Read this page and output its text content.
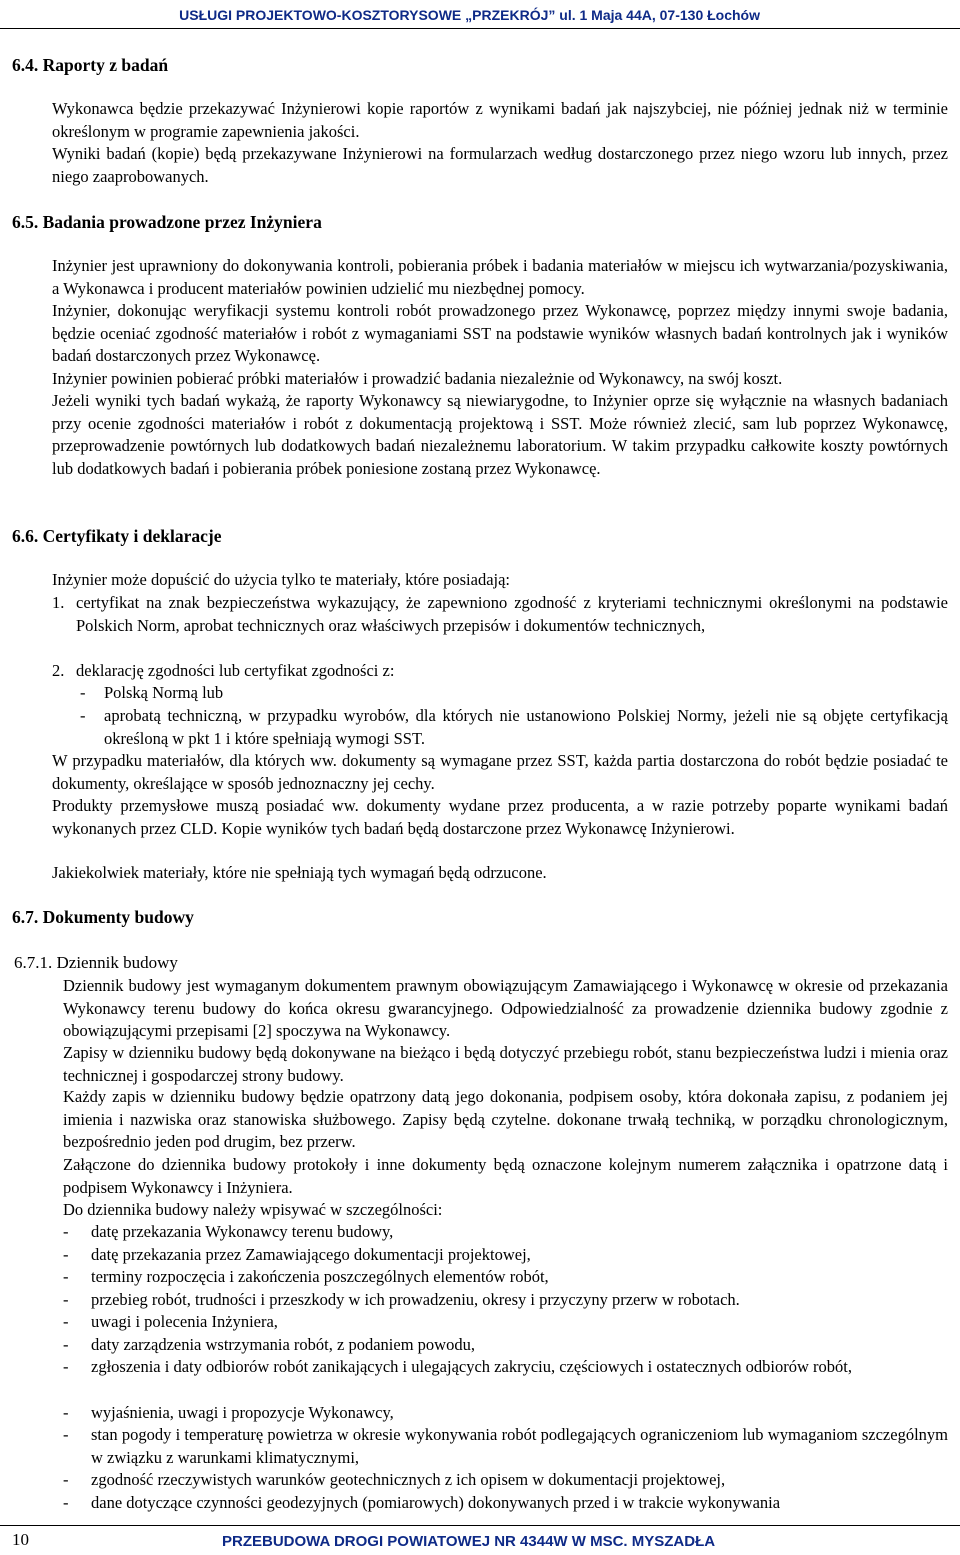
USŁUGI PROJEKTOWO-KOSZTORYSOWE „PRZEKRÓJ” ul. 1 Maja 44A, 07-130 Łochów
6.4. Raporty z badań
Wykonawca będzie przekazywać Inżynierowi kopie raportów z wynikami badań jak najszybciej, nie później jednak niż w terminie określonym w programie zapewnienia jakości.
Wyniki badań (kopie) będą przekazywane Inżynierowi na formularzach według dostarczonego przez niego wzoru lub innych, przez niego zaaprobowanych.
6.5. Badania prowadzone przez Inżyniera
Inżynier jest uprawniony do dokonywania kontroli, pobierania próbek i badania materiałów w miejscu ich wytwarzania/pozyskiwania, a Wykonawca i producent materiałów powinien udzielić mu niezbędnej pomocy.
Inżynier, dokonując weryfikacji systemu kontroli robót prowadzonego przez Wykonawcę, poprzez między innymi swoje badania, będzie oceniać zgodność materiałów i robót z wymaganiami SST na podstawie wyników własnych badań kontrolnych jak i wyników badań dostarczonych przez Wykonawcę.
Inżynier powinien pobierać próbki materiałów i prowadzić badania niezależnie od Wykonawcy, na swój koszt.
Jeżeli wyniki tych badań wykażą, że raporty Wykonawcy są niewiarygodne, to Inżynier oprze się wyłącznie na własnych badaniach przy ocenie zgodności materiałów i robót z dokumentacją projektową i SST. Może również zlecić, sam lub poprzez Wykonawcę, przeprowadzenie powtórnych lub dodatkowych badań niezależnemu laboratorium. W takim przypadku całkowite koszty powtórnych lub dodatkowych badań i pobierania próbek poniesione zostaną przez Wykonawcę.
6.6. Certyfikaty i deklaracje
Inżynier może dopuścić do użycia tylko te materiały, które posiadają:
1. certyfikat na znak bezpieczeństwa wykazujący, że zapewniono zgodność z kryteriami technicznymi określonymi na podstawie Polskich Norm, aprobat technicznych oraz właściwych przepisów i dokumentów technicznych,
2. deklarację zgodności lub certyfikat zgodności z:
- Polską Normą lub
- aprobatą techniczną, w przypadku wyrobów, dla których nie ustanowiono Polskiej Normy, jeżeli nie są objęte certyfikacją określoną w pkt 1 i które spełniają wymogi SST.
W przypadku materiałów, dla których ww. dokumenty są wymagane przez SST, każda partia dostarczona do robót będzie posiadać te dokumenty, określające w sposób jednoznaczny jej cechy.
Produkty przemysłowe muszą posiadać ww. dokumenty wydane przez producenta, a w razie potrzeby poparte wynikami badań wykonanych przez CLD. Kopie wyników tych badań będą dostarczone przez Wykonawcę Inżynierowi.
Jakiekolwiek materiały, które nie spełniają tych wymagań będą odrzucone.
6.7. Dokumenty budowy
6.7.1. Dziennik budowy
Dziennik budowy jest wymaganym dokumentem prawnym obowiązującym Zamawiającego i Wykonawcę w okresie od przekazania Wykonawcy terenu budowy do końca okresu gwarancyjnego. Odpowiedzialność za prowadzenie dziennika budowy zgodnie z obowiązującymi przepisami [2] spoczywa na Wykonawcy.
Zapisy w dzienniku budowy będą dokonywane na bieżąco i będą dotyczyć przebiegu robót, stanu bezpieczeństwa ludzi i mienia oraz technicznej i gospodarczej strony budowy.
Każdy zapis w dzienniku budowy będzie opatrzony datą jego dokonania, podpisem osoby, która dokonała zapisu, z podaniem jej imienia i nazwiska oraz stanowiska służbowego. Zapisy będą czytelne. dokonane trwałą techniką, w porządku chronologicznym, bezpośrednio jeden pod drugim, bez przerw.
Załączone do dziennika budowy protokoły i inne dokumenty będą oznaczone kolejnym numerem załącznika i opatrzone datą i podpisem Wykonawcy i Inżyniera.
Do dziennika budowy należy wpisywać w szczególności:
- datę przekazania Wykonawcy terenu budowy,
- datę przekazania przez Zamawiającego dokumentacji projektowej,
- terminy rozpoczęcia i zakończenia poszczególnych elementów robót,
- przebieg robót, trudności i przeszkody w ich prowadzeniu, okresy i przyczyny przerw w robotach.
- uwagi i polecenia Inżyniera,
- daty zarządzenia wstrzymania robót, z podaniem powodu,
- zgłoszenia i daty odbiorów robót zanikających i ulegających zakryciu, częściowych i ostatecznych odbiorów robót,
- wyjaśnienia, uwagi i propozycje Wykonawcy,
- stan pogody i temperaturę powietrza w okresie wykonywania robót podlegających ograniczeniom lub wymaganiom szczególnym w związku z warunkami klimatycznymi,
- zgodność rzeczywistych warunków geotechnicznych z ich opisem w dokumentacji projektowej,
- dane dotyczące czynności geodezyjnych (pomiarowych) dokonywanych przed i w trakcie wykonywania
10	PRZEBUDOWA DROGI POWIATOWEJ NR 4344W W MSC. MYSZADŁA
